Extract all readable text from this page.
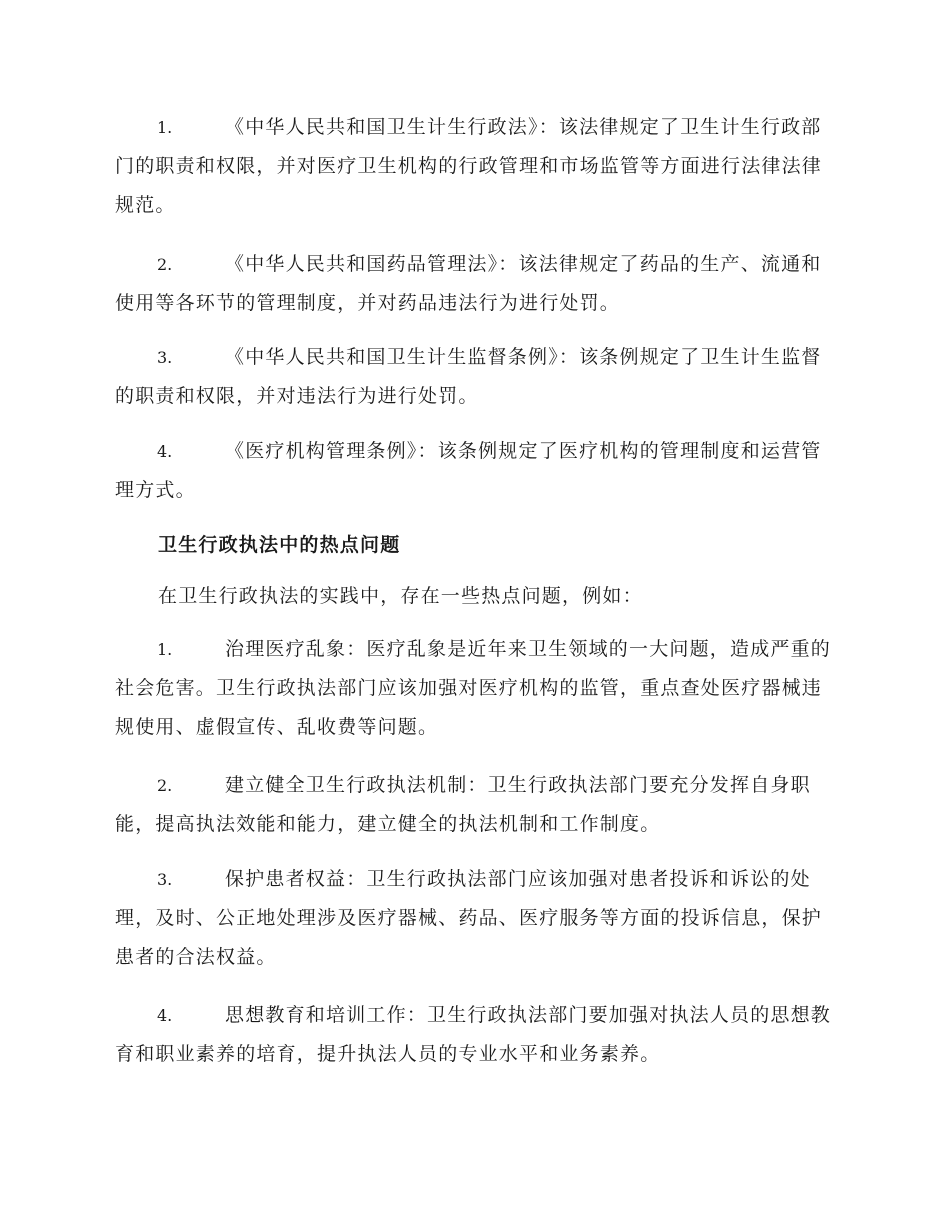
1.	《中华人民共和国卫生计生行政法》：该法律规定了卫生计生行政部门的职责和权限，并对医疗卫生机构的行政管理和市场监管等方面进行法律法律规范。
2.	《中华人民共和国药品管理法》：该法律规定了药品的生产、流通和使用等各环节的管理制度，并对药品违法行为进行处罚。
3.	《中华人民共和国卫生计生监督条例》：该条例规定了卫生计生监督的职责和权限，并对违法行为进行处罚。
4.	《医疗机构管理条例》：该条例规定了医疗机构的管理制度和运营管理方式。
卫生行政执法中的热点问题
在卫生行政执法的实践中，存在一些热点问题，例如：
1.	治理医疗乱象：医疗乱象是近年来卫生领域的一大问题，造成严重的社会危害。卫生行政执法部门应该加强对医疗机构的监管，重点查处医疗器械违规使用、虚假宣传、乱收费等问题。
2.	建立健全卫生行政执法机制：卫生行政执法部门要充分发挥自身职能，提高执法效能和能力，建立健全的执法机制和工作制度。
3.	保护患者权益：卫生行政执法部门应该加强对患者投诉和诉讼的处理，及时、公正地处理涉及医疗器械、药品、医疗服务等方面的投诉信息，保护患者的合法权益。
4.	思想教育和培训工作：卫生行政执法部门要加强对执法人员的思想教育和职业素养的培育，提升执法人员的专业水平和业务素养。
